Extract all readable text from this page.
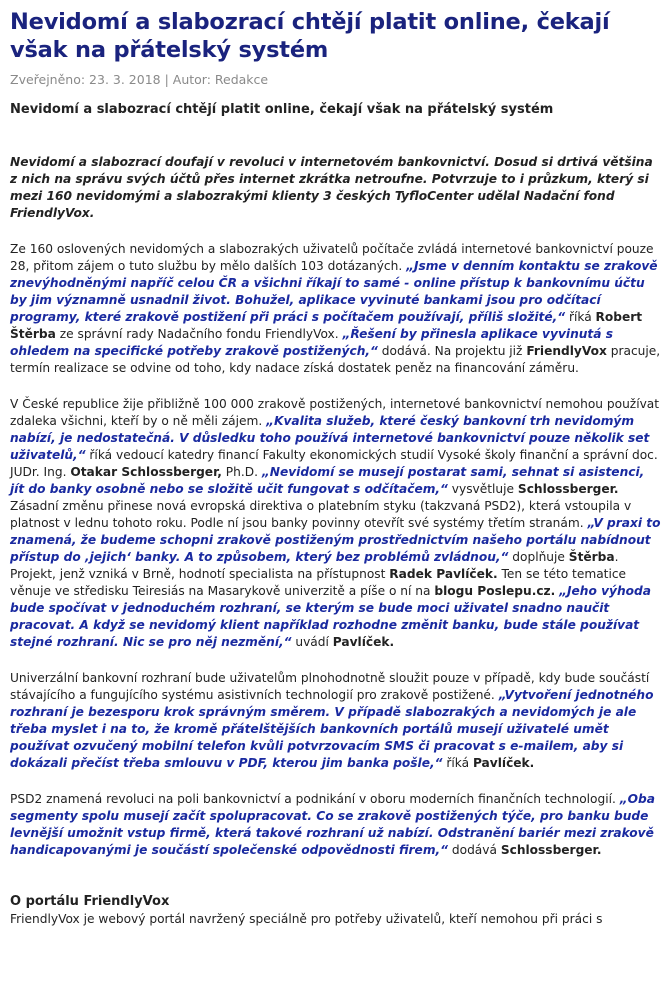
Nevidomí a slabozrací chtějí platit online, čekají však na přátelský systém
Zveřejněno: 23. 3. 2018 | Autor: Redakce
Nevidomí a slabozrací chtějí platit online, čekají však na přátelský systém

Nevidomí a slabozrací doufají v revoluci v internetovém bankovnictví. Dosud si drtivá většina z nich na správu svých účtů přes internet zkrátka netroufne. Potvrzuje to i průzkum, který si mezi 160 nevidomými a slabozrakými klienty 3 českých TyfloCenter udělal Nadační fond FriendlyVox.

Ze 160 oslovených nevidomých a slabozrakých uživatelů počítače zvládá internetové bankovnictví pouze 28, přitom zájem o tuto službu by mělo dalších 103 dotázaných. „Jsme v denním kontaktu se zrakově znevýhodněnými napříč celou ČR a všichni říkají to samé - online přístup k bankovnímu účtu by jim významně usnadnil život. Bohužel, aplikace vyvinuté bankami jsou pro odčítací programy, které zrakově postižení při práci s počítačem používají, příliš složité,“ říká Robert Štěrba ze správní rady Nadačního fondu FriendlyVox. „Řešení by přinesla aplikace vyvinutá s ohledem na specifické potřeby zrakově postižených,“ dodává. Na projektu již FriendlyVox pracuje, termín realizace se odvine od toho, kdy nadace získá dostatek peněz na financování záměru.

V České republice žije přibližně 100 000 zrakově postižených, internetové bankovnictví nemohou používat zdaleka všichni, kteří by o ně měli zájem. „Kvalita služeb, které český bankovní trh nevidomým nabízí, je nedostatečná. V důsledku toho používá internetové bankovnictví pouze několik set uživatelů,“ říká vedoucí katedry financí Fakulty ekonomických studií Vysoké školy finanční a správní doc. JUDr. Ing. Otakar Schlossberger, Ph.D. „Nevidomí se musejí postarat sami, sehnat si asistenci, jít do banky osobně nebo se složitě učit fungovat s odčítačem,“ vysvětluje Schlossberger. Zásadní změnu přinese nová evropská direktiva o platebním styku (takzvaná PSD2), která vstoupila v platnost v lednu tohoto roku. Podle ní jsou banky povinny otevřít své systémy třetím stranám. „V praxi to znamená, že budeme schopni zrakově postiženým prostřednictvím našeho portálu nabídnout přístup do ‚jejich‘ banky. A to způsobem, který bez problémů zvládnou,“ doplňuje Štěrba. Projekt, jenž vzniká v Brně, hodnotí specialista na přístupnost Radek Pavlíček. Ten se této tematice věnuje ve středisku Teiresiás na Masarykově univerzitě a píše o ní na blogu Poslepu.cz. „Jeho výhoda bude spočívat v jednoduchém rozhraní, se kterým se bude moci uživatel snadno naučit pracovat. A když se nevidomý klient například rozhodne změnit banku, bude stále používat stejné rozhraní. Nic se pro něj nezmění,“ uvádí Pavlíček.

Univerzální bankovní rozhraní bude uživatelům plnohodnotně sloužit pouze v případě, kdy bude součástí stávajícího a fungujícího systému asistivních technologií pro zrakově postižené. „Vytvoření jednotného rozhraní je bezesporu krok správným směrem. V případě slabozrakých a nevidomých je ale třeba myslet i na to, že kromě přátelštějších bankovních portálů musejí uživatelé umět používat ozvučený mobilní telefon kvůli potvrzovacím SMS či pracovat s e-mailem, aby si dokázali přečíst třeba smlouvu v PDF, kterou jim banka pošle,“ říká Pavlíček.

PSD2 znamená revoluci na poli bankovnictví a podnikání v oboru moderních finančních technologií. „Oba segmenty spolu musejí začít spolupracovat. Co se zrakově postižených týče, pro banku bude levnější umožnit vstup firmě, která takové rozhraní už nabízí. Odstranění bariér mezi zrakově handicapovanými je součástí společenské odpovědnosti firem,“ dodává Schlossberger.

O portálu FriendlyVox

FriendlyVox je webový portál navržený speciálně pro potřeby uživatelů, kteří nemohou při práci s
